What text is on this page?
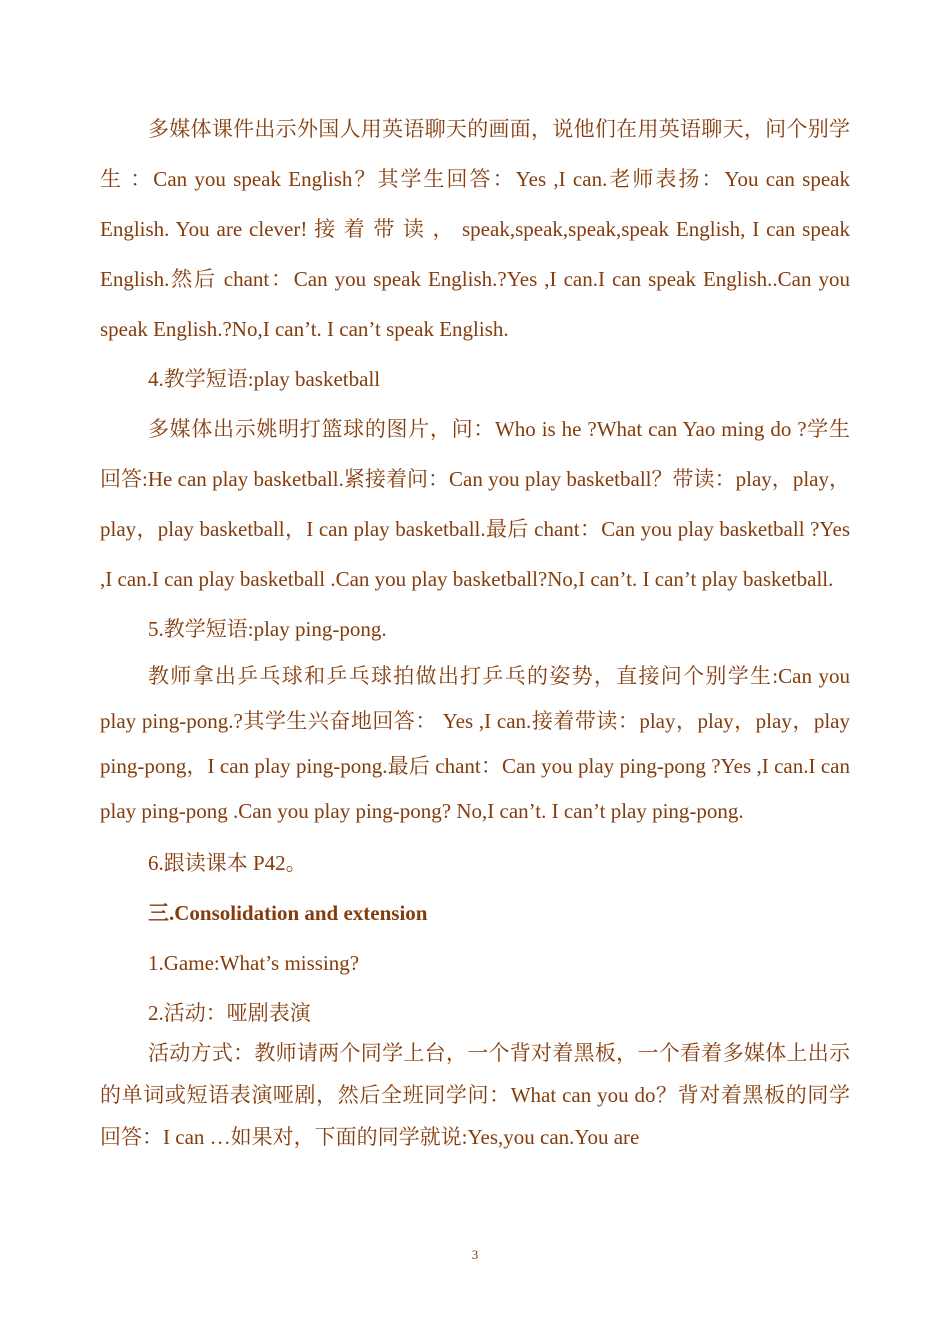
多媒体课件出示外国人用英语聊天的画面，说他们在用英语聊天，问个别学生 ：Can you speak English？其学生回答：Yes ,I can.老师表扬：You can speak English. You are clever! 接 着 带 读 ， speak,speak,speak,speak English, I can speak English.然后 chant：Can you speak English.?Yes ,I can.I can speak English..Can you speak English.?No,I can’t. I can’t speak English.

4.教学短语:play basketball

多媒体出示姚明打篮球的图片，问：Who is he ?What can Yao ming do ?学生回答:He can play basketball.紧接着问：Can you play basketball？带读：play，play，play，play basketball，I can play basketball.最后 chant：Can you play basketball ?Yes ,I can.I can play basketball .Can you play basketball?No,I can’t. I can’t play basketball.

5.教学短语:play ping-pong.

教师拿出乒乓球和乒乓球拍做出打乒乓的姿势，直接问个别学生:Can you play ping-pong.?其学生兴奋地回答： Yes ,I can.接着带读：play，play，play，play ping-pong，I can play ping-pong.最后 chant：Can you play ping-pong ?Yes ,I can.I can play ping-pong .Can you play ping-pong? No,I can’t. I can’t play ping-pong.

6.跟读课本 P42。

三.Consolidation and extension

1.Game:What’s missing?

2.活动：哑剧表演

活动方式：教师请两个同学上台，一个背对着黑板，一个看着多媒体上出示的单词或短语表演哑剧，然后全班同学问：What can you do？背对着黑板的同学回答：I can …如果对，下面的同学就说:Yes,you can.You are

3
